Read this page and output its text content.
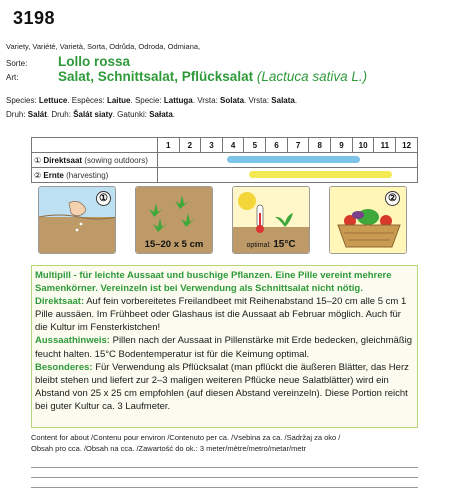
3198
Variety, Variété, Varietà, Sorta, Odrůda, Odroda, Odmiana,
Sorte: Lollo rossa
Art:	Salat, Schnittsalat, Pflücksalat (Lactuca sativa L.)
Species: Lettuce. Espèces: Laitue. Specie: Lattuga. Vrsta: Solata. Vrsta: Salata.
Druh: Salát. Druh: Šalát siaty. Gatunki: Sałata.
	1	2	3	4	5	6	7	8	9	10	11	12
① Direktsaat (sowing outdoors)												

② Ernte (harvesting)												
①
15–20 x 5 cm	optimal: 15°C
②

Multipill - für leichte Aussaat und buschige Pflanzen. Eine Pille vereint mehrere Samenkörner. Vereinzeln ist bei Verwendung als Schnittsalat nicht nötig.

Direktsaat: Auf fein vorbereitetes Freilandbeet mit Reihenabstand 15–20 cm alle 5 cm 1 Pille aussäen. Im Frühbeet oder Glashaus ist die Aussaat ab Februar möglich. Auch für die Kultur im Fensterkistchen!

Aussaathinweis: Pillen nach der Aussaat in Pillenstärke mit Erde bedecken, gleichmäßig feucht halten. 15°C Bodentemperatur ist für die Keimung optimal.

Besonderes: Für Verwendung als Pflücksalat (man pflückt die äußeren Blätter, das Herz bleibt stehen und liefert zur 2–3 maligen weiteren Pflücke neue Salatblätter) wird ein Abstand von 25 x 25 cm empfohlen (auf diesen Abstand vereinzeln). Diese Portion reicht bei guter Kultur ca. 3 Laufmeter.

Content for about /Contenu pour environ /Contenuto per ca. /Vsebina za ca. /Sadržaj za oko /
Obsah pro cca. /Obsah na cca. /Zawartość do ok.: 3 meter/mètre/metro/metar/metr
